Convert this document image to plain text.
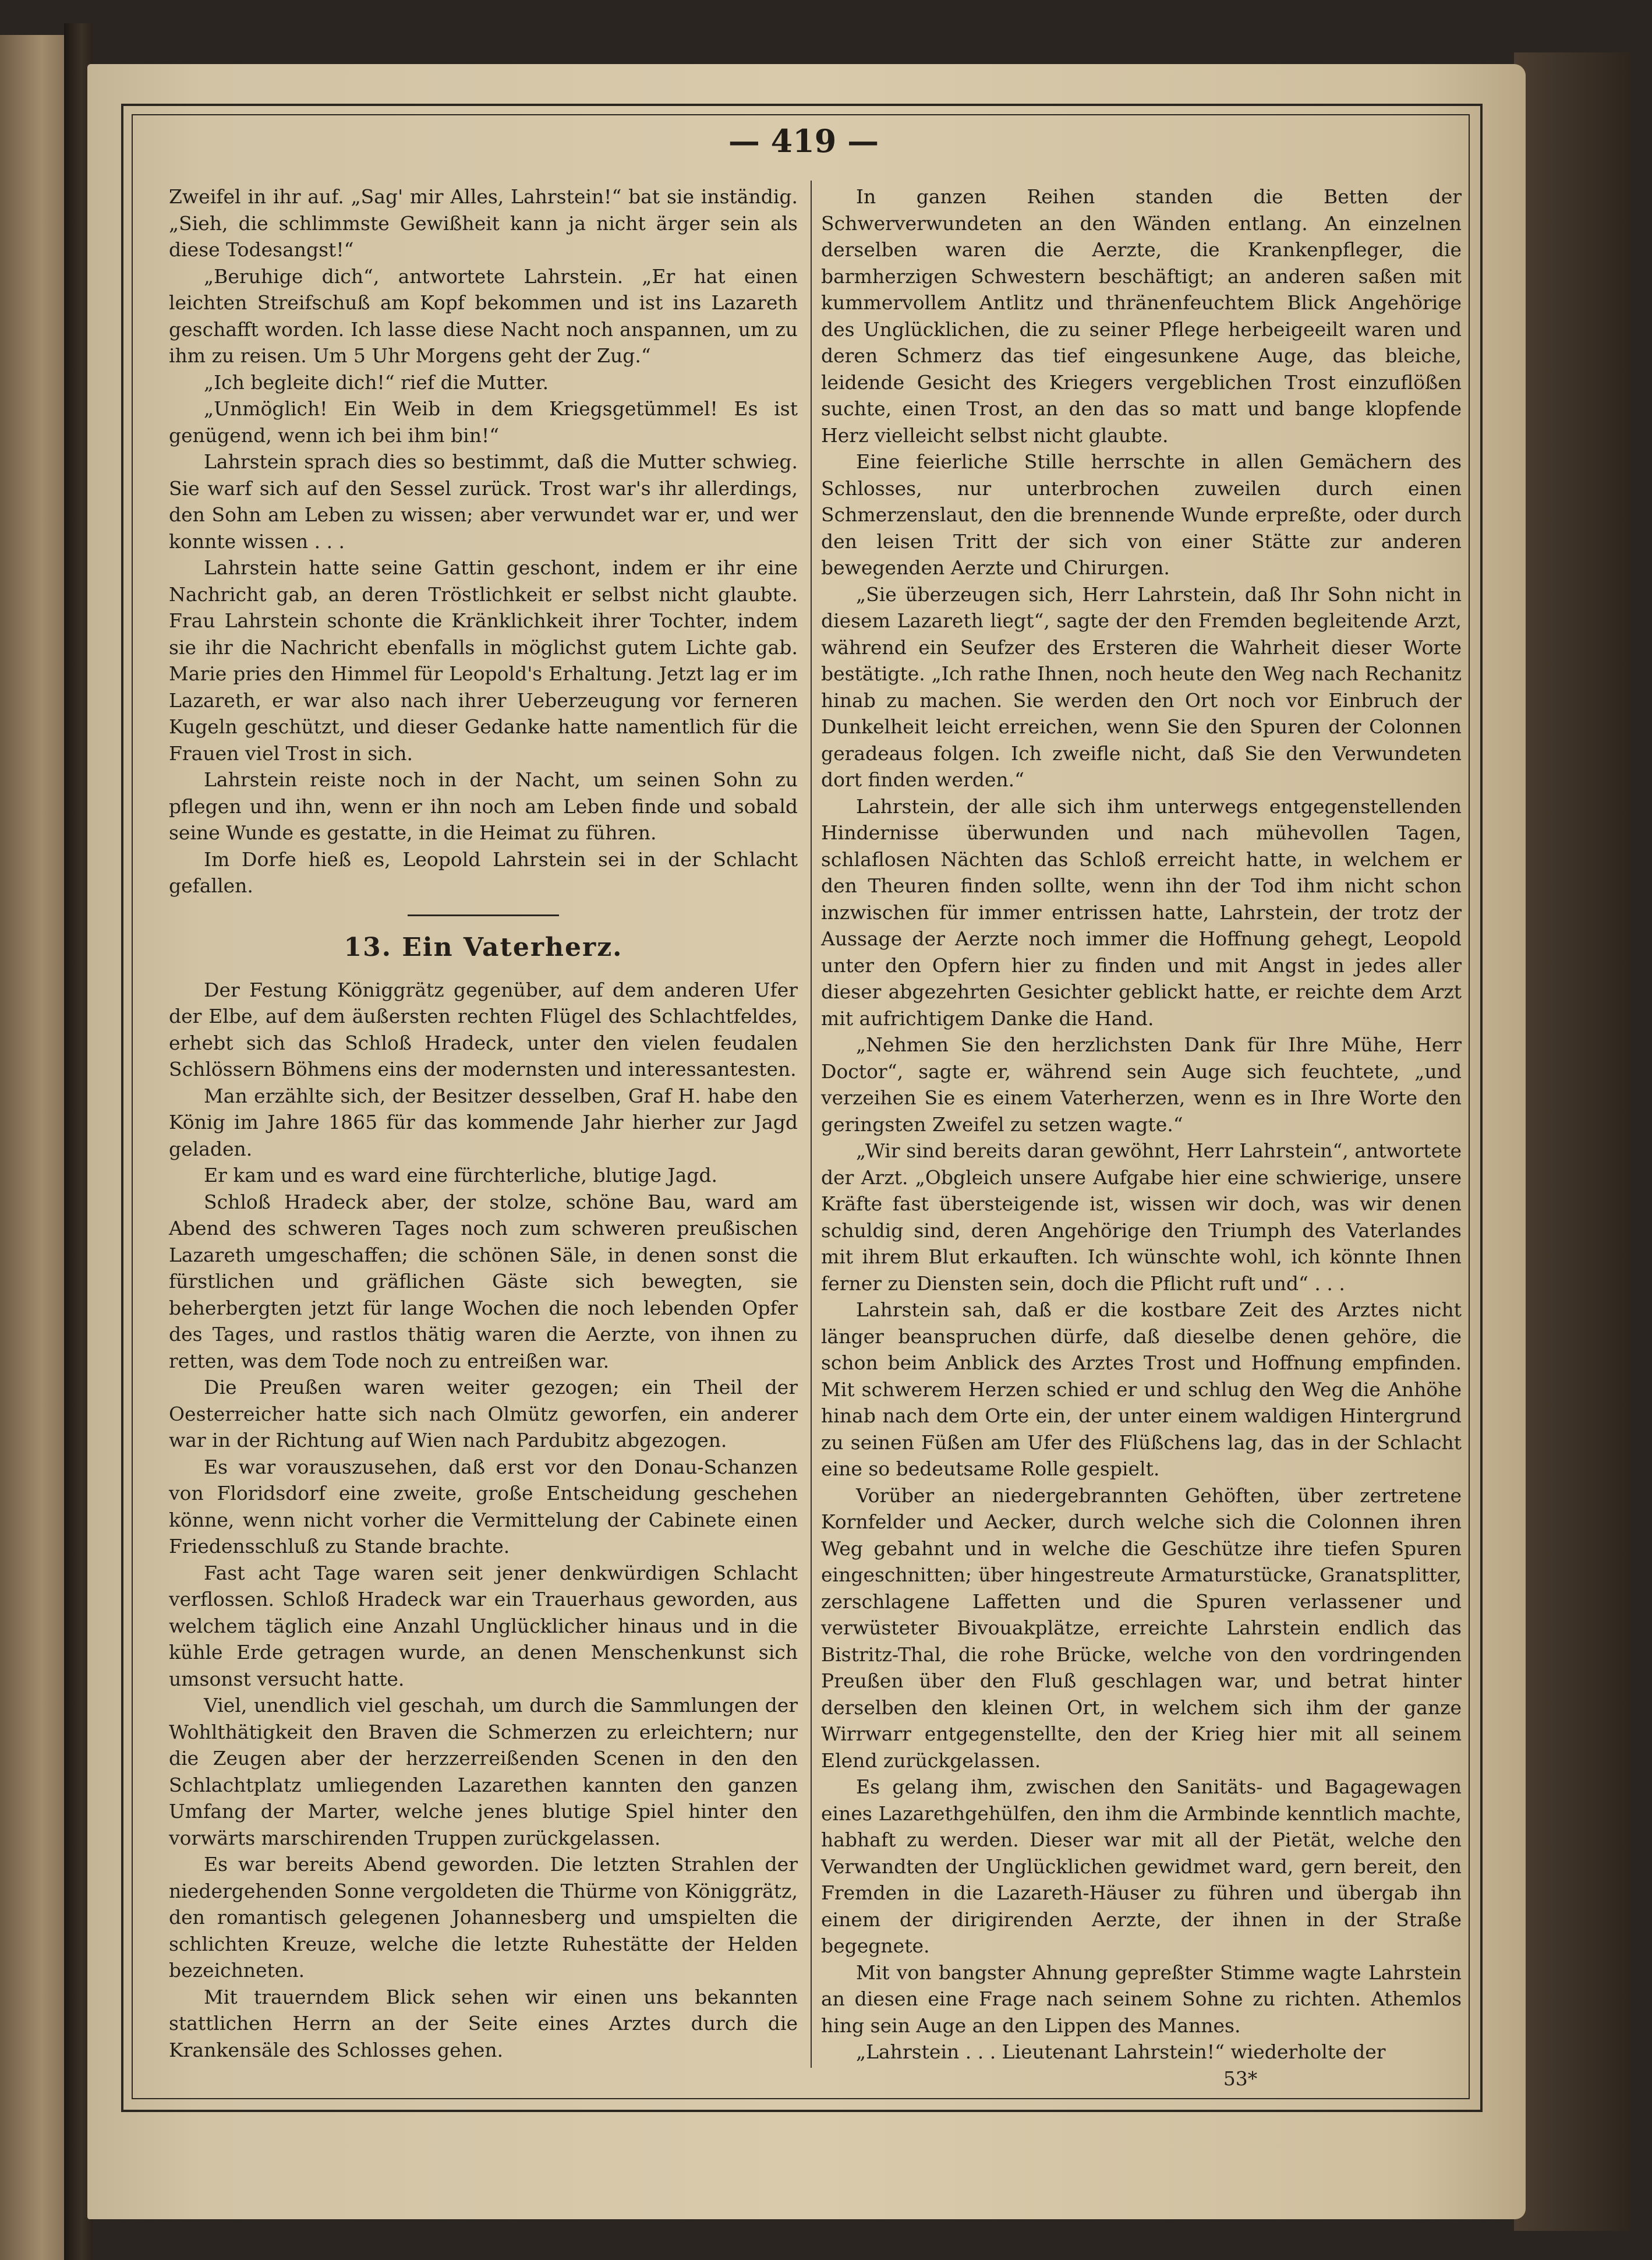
— 419 —

Zweifel in ihr auf. „Sag' mir Alles, Lahrstein!“ bat sie inständig. „Sieh, die schlimmste Gewißheit kann ja nicht ärger sein als diese Todesangst!“

„Beruhige dich“, antwortete Lahrstein. „Er hat einen leichten Streifschuß am Kopf bekommen und ist ins Lazareth geschafft worden. Ich lasse diese Nacht noch anspannen, um zu ihm zu reisen. Um 5 Uhr Morgens geht der Zug.“

„Ich begleite dich!“ rief die Mutter.

„Unmöglich! Ein Weib in dem Kriegsgetümmel! Es ist genügend, wenn ich bei ihm bin!“

Lahrstein sprach dies so bestimmt, daß die Mutter schwieg. Sie warf sich auf den Sessel zurück. Trost war's ihr allerdings, den Sohn am Leben zu wissen; aber verwundet war er, und wer konnte wissen . . .

Lahrstein hatte seine Gattin geschont, indem er ihr eine Nachricht gab, an deren Tröstlichkeit er selbst nicht glaubte. Frau Lahrstein schonte die Kränklichkeit ihrer Tochter, indem sie ihr die Nachricht ebenfalls in möglichst gutem Lichte gab. Marie pries den Himmel für Leopold's Erhaltung. Jetzt lag er im Lazareth, er war also nach ihrer Ueberzeugung vor ferneren Kugeln geschützt, und dieser Gedanke hatte namentlich für die Frauen viel Trost in sich.

Lahrstein reiste noch in der Nacht, um seinen Sohn zu pflegen und ihn, wenn er ihn noch am Leben finde und sobald seine Wunde es gestatte, in die Heimat zu führen.

Im Dorfe hieß es, Leopold Lahrstein sei in der Schlacht gefallen.

13. Ein Vaterherz.

Der Festung Königgrätz gegenüber, auf dem anderen Ufer der Elbe, auf dem äußersten rechten Flügel des Schlachtfeldes, erhebt sich das Schloß Hradeck, unter den vielen feudalen Schlössern Böhmens eins der modernsten und interessantesten.

Man erzählte sich, der Besitzer desselben, Graf H. habe den König im Jahre 1865 für das kommende Jahr hierher zur Jagd geladen.

Er kam und es ward eine fürchterliche, blutige Jagd.

Schloß Hradeck aber, der stolze, schöne Bau, ward am Abend des schweren Tages noch zum schweren preußischen Lazareth umgeschaffen; die schönen Säle, in denen sonst die fürstlichen und gräflichen Gäste sich bewegten, sie beherbergten jetzt für lange Wochen die noch lebenden Opfer des Tages, und rastlos thätig waren die Aerzte, von ihnen zu retten, was dem Tode noch zu entreißen war.

Die Preußen waren weiter gezogen; ein Theil der Oesterreicher hatte sich nach Olmütz geworfen, ein anderer war in der Richtung auf Wien nach Pardubitz abgezogen.

Es war vorauszusehen, daß erst vor den Donau-Schanzen von Floridsdorf eine zweite, große Entscheidung geschehen könne, wenn nicht vorher die Vermittelung der Cabinete einen Friedensschluß zu Stande brachte.

Fast acht Tage waren seit jener denkwürdigen Schlacht verflossen. Schloß Hradeck war ein Trauerhaus geworden, aus welchem täglich eine Anzahl Unglücklicher hinaus und in die kühle Erde getragen wurde, an denen Menschenkunst sich umsonst versucht hatte.

Viel, unendlich viel geschah, um durch die Sammlungen der Wohlthätigkeit den Braven die Schmerzen zu erleichtern; nur die Zeugen aber der herzzerreißenden Scenen in den den Schlachtplatz umliegenden Lazarethen kannten den ganzen Umfang der Marter, welche jenes blutige Spiel hinter den vorwärts marschirenden Truppen zurückgelassen.

Es war bereits Abend geworden. Die letzten Strahlen der niedergehenden Sonne vergoldeten die Thürme von Königgrätz, den romantisch gelegenen Johannesberg und umspielten die schlichten Kreuze, welche die letzte Ruhestätte der Helden bezeichneten.

Mit trauerndem Blick sehen wir einen uns bekannten stattlichen Herrn an der Seite eines Arztes durch die Krankensäle des Schlosses gehen.

In ganzen Reihen standen die Betten der Schwerverwundeten an den Wänden entlang. An einzelnen derselben waren die Aerzte, die Krankenpfleger, die barmherzigen Schwestern beschäftigt; an anderen saßen mit kummervollem Antlitz und thränenfeuchtem Blick Angehörige des Unglücklichen, die zu seiner Pflege herbeigeeilt waren und deren Schmerz das tief eingesunkene Auge, das bleiche, leidende Gesicht des Kriegers vergeblichen Trost einzuflößen suchte, einen Trost, an den das so matt und bange klopfende Herz vielleicht selbst nicht glaubte.

Eine feierliche Stille herrschte in allen Gemächern des Schlosses, nur unterbrochen zuweilen durch einen Schmerzenslaut, den die brennende Wunde erpreßte, oder durch den leisen Tritt der sich von einer Stätte zur anderen bewegenden Aerzte und Chirurgen.

„Sie überzeugen sich, Herr Lahrstein, daß Ihr Sohn nicht in diesem Lazareth liegt“, sagte der den Fremden begleitende Arzt, während ein Seufzer des Ersteren die Wahrheit dieser Worte bestätigte. „Ich rathe Ihnen, noch heute den Weg nach Rechanitz hinab zu machen. Sie werden den Ort noch vor Einbruch der Dunkelheit leicht erreichen, wenn Sie den Spuren der Colonnen geradeaus folgen. Ich zweifle nicht, daß Sie den Verwundeten dort finden werden.“

Lahrstein, der alle sich ihm unterwegs entgegenstellenden Hindernisse überwunden und nach mühevollen Tagen, schlaflosen Nächten das Schloß erreicht hatte, in welchem er den Theuren finden sollte, wenn ihn der Tod ihm nicht schon inzwischen für immer entrissen hatte, Lahrstein, der trotz der Aussage der Aerzte noch immer die Hoffnung gehegt, Leopold unter den Opfern hier zu finden und mit Angst in jedes aller dieser abgezehrten Gesichter geblickt hatte, er reichte dem Arzt mit aufrichtigem Danke die Hand.

„Nehmen Sie den herzlichsten Dank für Ihre Mühe, Herr Doctor“, sagte er, während sein Auge sich feuchtete, „und verzeihen Sie es einem Vaterherzen, wenn es in Ihre Worte den geringsten Zweifel zu setzen wagte.“

„Wir sind bereits daran gewöhnt, Herr Lahrstein“, antwortete der Arzt. „Obgleich unsere Aufgabe hier eine schwierige, unsere Kräfte fast übersteigende ist, wissen wir doch, was wir denen schuldig sind, deren Angehörige den Triumph des Vaterlandes mit ihrem Blut erkauften. Ich wünschte wohl, ich könnte Ihnen ferner zu Diensten sein, doch die Pflicht ruft und“ . . .

Lahrstein sah, daß er die kostbare Zeit des Arztes nicht länger beanspruchen dürfe, daß dieselbe denen gehöre, die schon beim Anblick des Arztes Trost und Hoffnung empfinden. Mit schwerem Herzen schied er und schlug den Weg die Anhöhe hinab nach dem Orte ein, der unter einem waldigen Hintergrund zu seinen Füßen am Ufer des Flüßchens lag, das in der Schlacht eine so bedeutsame Rolle gespielt.

Vorüber an niedergebrannten Gehöften, über zertretene Kornfelder und Aecker, durch welche sich die Colonnen ihren Weg gebahnt und in welche die Geschütze ihre tiefen Spuren eingeschnitten; über hingestreute Armaturstücke, Granatsplitter, zerschlagene Laffetten und die Spuren verlassener und verwüsteter Bivouakplätze, erreichte Lahrstein endlich das Bistritz-Thal, die rohe Brücke, welche von den vordringenden Preußen über den Fluß geschlagen war, und betrat hinter derselben den kleinen Ort, in welchem sich ihm der ganze Wirrwarr entgegenstellte, den der Krieg hier mit all seinem Elend zurückgelassen.

Es gelang ihm, zwischen den Sanitäts- und Bagagewagen eines Lazarethgehülfen, den ihm die Armbinde kenntlich machte, habhaft zu werden. Dieser war mit all der Pietät, welche den Verwandten der Unglücklichen gewidmet ward, gern bereit, den Fremden in die Lazareth-Häuser zu führen und übergab ihn einem der dirigirenden Aerzte, der ihnen in der Straße begegnete.

Mit von bangster Ahnung gepreßter Stimme wagte Lahrstein an diesen eine Frage nach seinem Sohne zu richten. Athemlos hing sein Auge an den Lippen des Mannes.

„Lahrstein . . . Lieutenant Lahrstein!“ wiederholte der

53*
